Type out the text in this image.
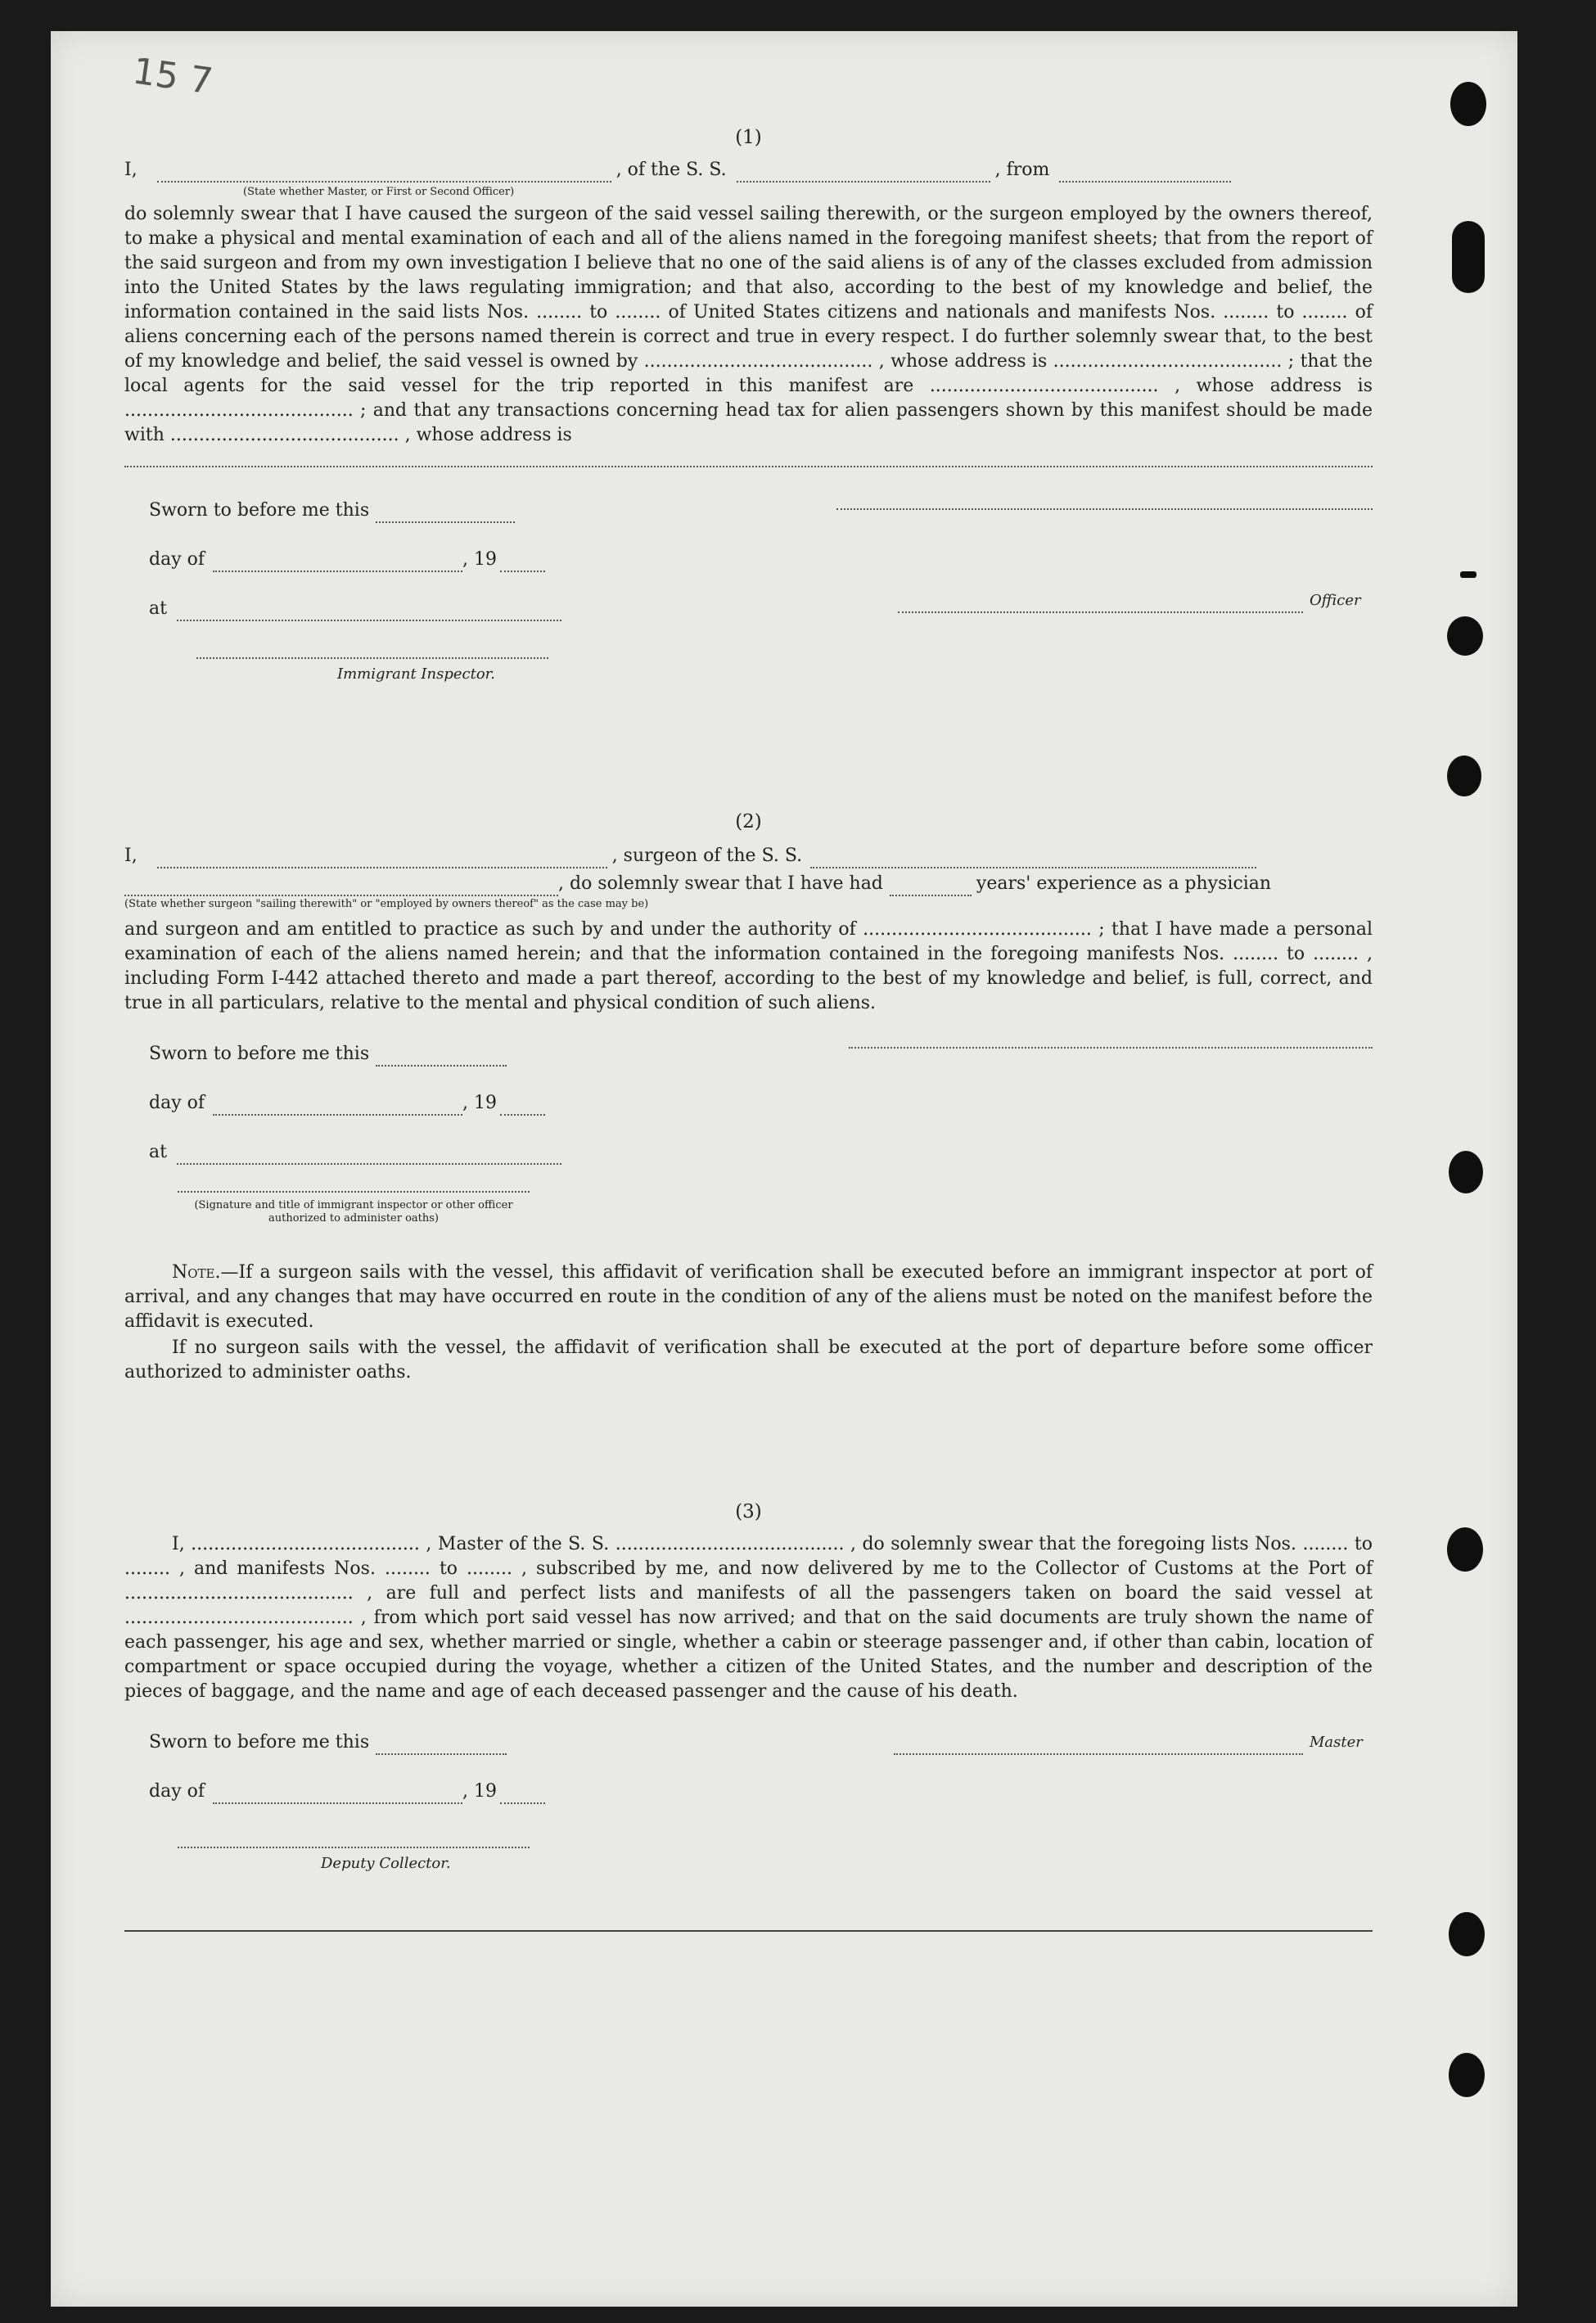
15 7

(1)

I,	, of the S. S.	, from

(State whether Master, or First or Second Officer)

do solemnly swear that I have caused the surgeon of the said vessel sailing therewith, or the surgeon employed by the owners thereof, to make a physical and mental examination of each and all of the aliens named in the foregoing manifest sheets; that from the report of the said surgeon and from my own investigation I believe that no one of the said aliens is of any of the classes excluded from admission into the United States by the laws regulating immigration; and that also, according to the best of my knowledge and belief, the information contained in the said lists Nos. ........ to ........ of United States citizens and nationals and manifests Nos. ........ to ........ of aliens concerning each of the persons named therein is correct and true in every respect. I do further solemnly swear that, to the best of my knowledge and belief, the said vessel is owned by ........................................ , whose address is ........................................ ; that the local agents for the said vessel for the trip reported in this manifest are ........................................ , whose address is ........................................ ; and that any transactions concerning head tax for alien passengers shown by this manifest should be made with ........................................ , whose address is

Sworn to before me this
day of	, 19
at
Immigrant Inspector.
Officer

(2)

I,	, surgeon of the S. S.
, do solemnly swear that I have had	years' experience as a physician

(State whether surgeon "sailing therewith" or "employed by owners thereof" as the case may be)

and surgeon and am entitled to practice as such by and under the authority of ........................................ ; that I have made a personal examination of each of the aliens named herein; and that the information contained in the foregoing manifests Nos. ........ to ........ , including Form I-442 attached thereto and made a part thereof, according to the best of my knowledge and belief, is full, correct, and true in all particulars, relative to the mental and physical condition of such aliens.

Sworn to before me this
day of	, 19
at

(Signature and title of immigrant inspector or other officer authorized to administer oaths)

Note.—If a surgeon sails with the vessel, this affidavit of verification shall be executed before an immigrant inspector at port of arrival, and any changes that may have occurred en route in the condition of any of the aliens must be noted on the manifest before the affidavit is executed.

If no surgeon sails with the vessel, the affidavit of verification shall be executed at the port of departure before some officer authorized to administer oaths.

(3)

I, ........................................ , Master of the S. S. ........................................ , do solemnly swear that the foregoing lists Nos. ........ to ........ , and manifests Nos. ........ to ........ , subscribed by me, and now delivered by me to the Collector of Customs at the Port of ........................................ , are full and perfect lists and manifests of all the passengers taken on board the said vessel at ........................................ , from which port said vessel has now arrived; and that on the said documents are truly shown the name of each passenger, his age and sex, whether married or single, whether a cabin or steerage passenger and, if other than cabin, location of compartment or space occupied during the voyage, whether a citizen of the United States, and the number and description of the pieces of baggage, and the name and age of each deceased passenger and the cause of his death.

Sworn to before me this
day of	, 19
Deputy Collector.
Master
